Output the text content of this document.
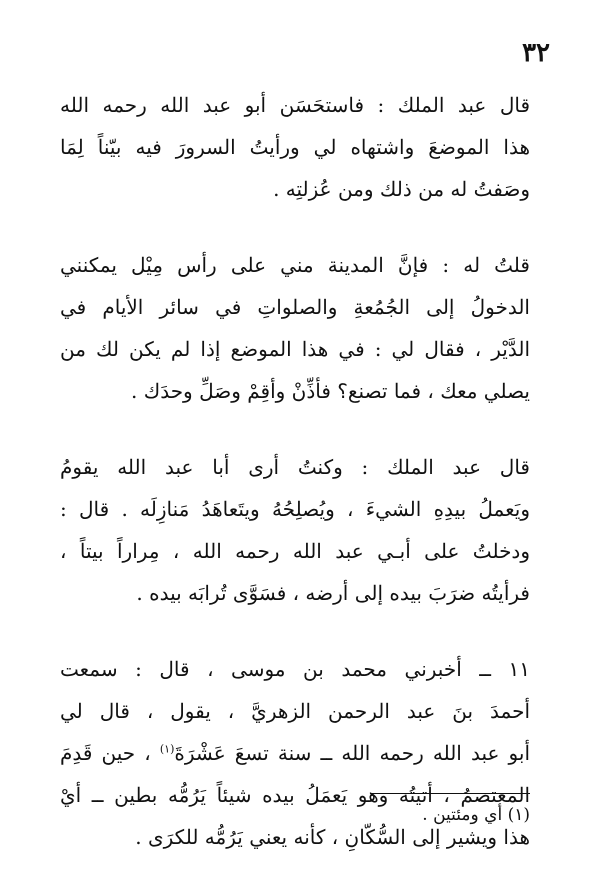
٣٢
قال عبد الملك : فاستحَسَن أبو عبد الله رحمه الله
هذا الموضعَ واشتهاه لي ورأيتُ السرورَ فيه بيّناً لِمَا
وصَفتُ له من ذلك ومن عُزلتِه .
قلتُ له : فإنَّ المدينة مني على رأس مِيْل يمكنني
الدخولُ إلى الجُمُعةِ والصلواتِ في سائر الأيام في
الدَّيْر ، فقال لي : في هذا الموضع إذا لم يكن لك من
يصلي معك ، فما تصنع؟ فأذِّنْ وأقِمْ وصَلِّ وحدَك .
قال عبد الملك : وكنتُ أرى أبا عبد الله يقومُ
ويَعملُ بيدِهِ الشيءَ ، ويُصلِحُهُ ويتَعاهَدُ مَنازِلَه . قال :
ودخلتُ على أبـي عبد الله رحمه الله ، مِراراً بيتاً ،
فرأيتُه ضرَبَ بيده إلى أرضه ، فسَوَّى تُرابَه بيده .
١١ ــ أخبرني محمد بن موسى ، قال : سمعت
أحمدَ بنَ عبد الرحمن الزهريَّ ، يقول ، قال لي
أبو عبد الله رحمه الله ــ سنة تسعَ عَشْرَةَ$^{(١)}$ ، حين قَدِمَ
المعتصمُ ، أتيتُه وهو يَعمَلُ بيده شيئاً يَرُمُّه بطين ــ أيْ
هذا ويشير إلى السُّكّانِ ، كأنه يعني يَرُمُّه للكرَى .
(١) أي ومئتين .
